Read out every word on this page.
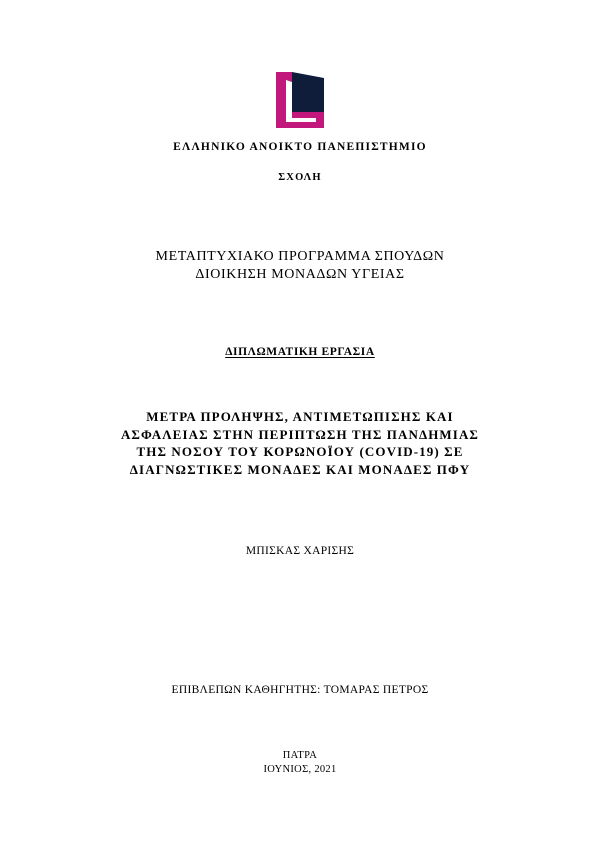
ΕΛΛΗΝΙΚΟ ΑΝΟΙΚΤΟ ΠΑΝΕΠΙΣΤΗΜΙΟ

ΣΧΟΛΗ

ΜΕΤΑΠΤΥΧΙΑΚΟ ΠΡΟΓΡΑΜΜΑ ΣΠΟΥΔΩΝ
ΔΙΟΙΚΗΣΗ ΜΟΝΑΔΩΝ ΥΓΕΙΑΣ

ΔΙΠΛΩΜΑΤΙΚΗ ΕΡΓΑΣΙΑ

ΜΕΤΡΑ ΠΡΟΛΗΨΗΣ, ΑΝΤΙΜΕΤΩΠΙΣΗΣ ΚΑΙ
ΑΣΦΑΛΕΙΑΣ ΣΤΗΝ ΠΕΡΙΠΤΩΣΗ ΤΗΣ ΠΑΝΔΗΜΙΑΣ
ΤΗΣ ΝΟΣΟΥ ΤΟΥ ΚΟΡΩΝΟΪΟΥ (COVID-19) ΣΕ
ΔΙΑΓΝΩΣΤΙΚΕΣ ΜΟΝΑΔΕΣ ΚΑΙ ΜΟΝΑΔΕΣ ΠΦΥ

ΜΠΙΣΚΑΣ ΧΑΡΙΣΗΣ

ΕΠΙΒΛΕΠΩΝ ΚΑΘΗΓΗΤΗΣ: ΤΟΜΑΡΑΣ ΠΕΤΡΟΣ

ΠΑΤΡΑ
ΙΟΥΝΙΟΣ, 2021
